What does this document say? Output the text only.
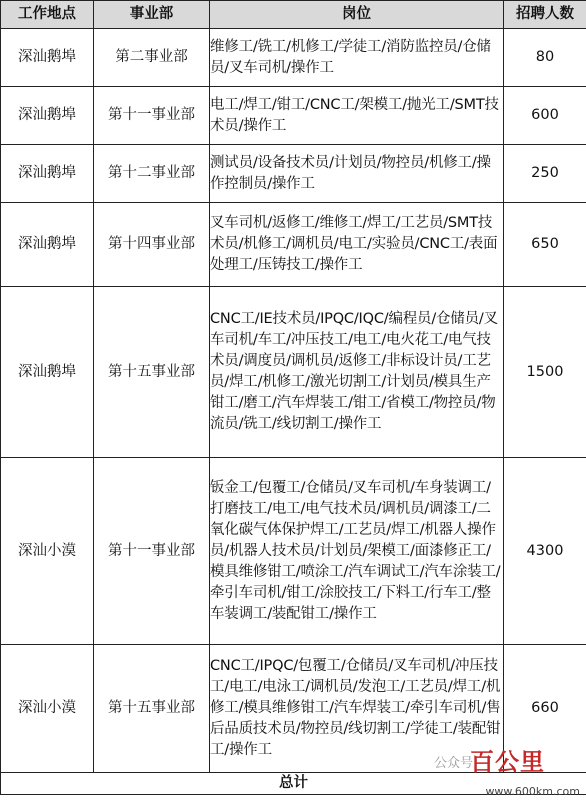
工作地点	事业部	岗位	招聘人数
深汕鹅埠	第二事业部	维修工/铣工/机修工/学徒工/消防监控员/仓储员/叉车司机/操作工	80
深汕鹅埠	第十一事业部	电工/焊工/钳工/CNC工/架模工/抛光工/SMT技术员/操作工	600
深汕鹅埠	第十二事业部	测试员/设备技术员/计划员/物控员/机修工/操作控制员/操作工	250
深汕鹅埠	第十四事业部	叉车司机/返修工/维修工/焊工/工艺员/SMT技术员/机修工/调机员/电工/实验员/CNC工/表面处理工/压铸技工/操作工	650
深汕鹅埠	第十五事业部	CNC工/IE技术员/IPQC/IQC/编程员/仓储员/叉车司机/车工/冲压技工/电工/电火花工/电气技术员/调度员/调机员/返修工/非标设计员/工艺员/焊工/机修工/激光切割工/计划员/模具生产钳工/磨工/汽车焊装工/钳工/省模工/物控员/物流员/铣工/线切割工/操作工	1500
深汕小漠	第十一事业部	钣金工/包覆工/仓储员/叉车司机/车身装调工/打磨技工/电工/电气技术员/调机员/调漆工/二氧化碳气体保护焊工/工艺员/焊工/机器人操作员/机器人技术员/计划员/架模工/面漆修正工/模具维修钳工/喷涂工/汽车调试工/汽车涂装工/牵引车司机/钳工/涂胶技工/下料工/行车工/整车装调工/装配钳工/操作工	4300
深汕小漠	第十五事业部	CNC工/IPQC/包覆工/仓储员/叉车司机/冲压技工/电工/电泳工/调机员/发泡工/工艺员/焊工/机修工/模具维修钳工/汽车焊装工/牵引车司机/售后品质技术员/物控员/线切割工/学徒工/装配钳工/操作工	660
总计			
公众号
百公里
www.600km.com
